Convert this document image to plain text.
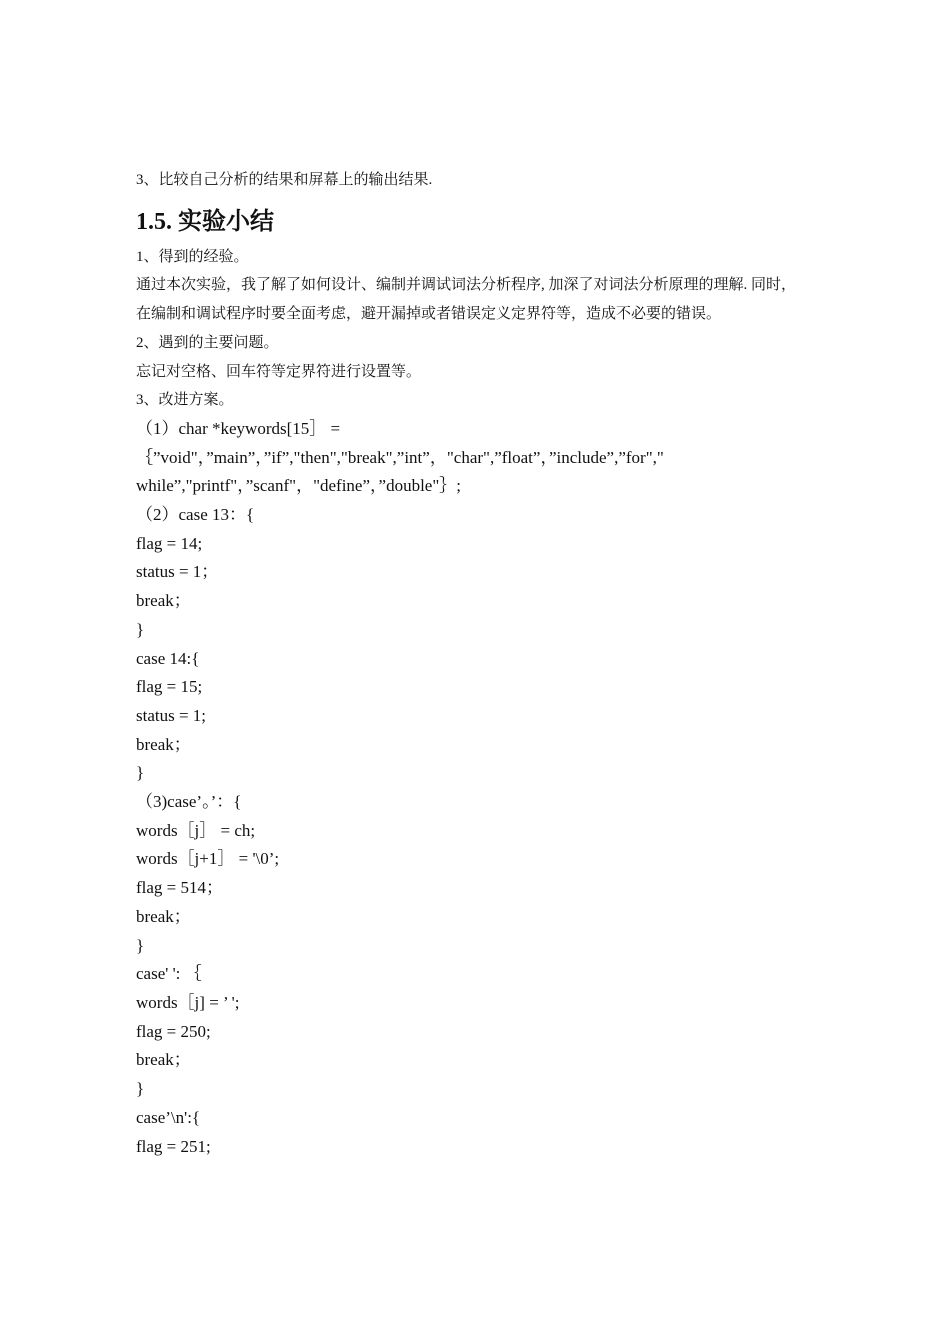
3、比较自己分析的结果和屏幕上的输出结果.
1.5. 实验小结
1、得到的经验。
通过本次实验，我了解了如何设计、编制并调试词法分析程序, 加深了对词法分析原理的理解. 同时，在编制和调试程序时要全面考虑，避开漏掉或者错误定义定界符等，造成不必要的错误。
2、遇到的主要问题。
忘记对空格、回车符等定界符进行设置等。
3、改进方案。
（1）char *keywords[15］ =
｛”void"，”main”，”if”,"then","break",”int”，"char",”float”，”include”,”for","
while”,"printf"，”scanf"，"define”，”double"｝;
（2）case 13：{
flag = 14;
status = 1；
break；
}
case 14:{
flag = 15;
status = 1;
break；
}
（3)case’。’：{
words［j］ = ch;
words［j+1］ = '\0’;
flag = 514；
break；
}
case' ': ｛
words［j] = ’ ';
flag = 250;
break；
}
case’\n':{
flag = 251;
